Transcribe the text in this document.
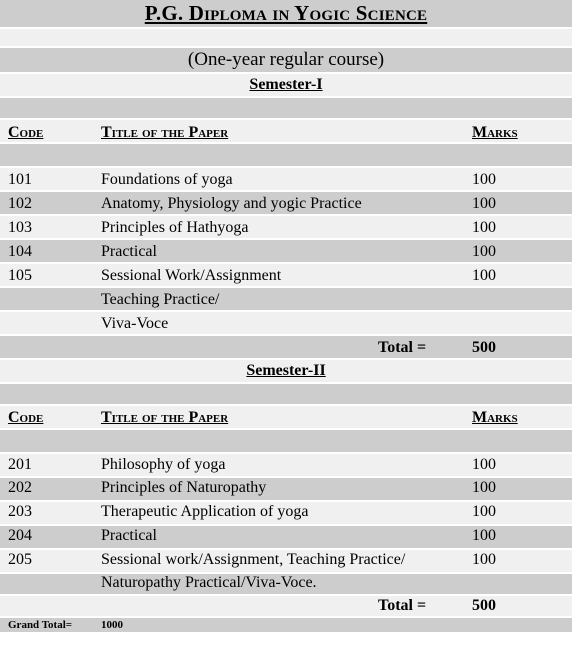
P.G. Diploma in Yogic Science
(One-year regular course)
Semester-I
Code	Title of the Paper	Marks
101	Foundations of yoga	100
102	Anatomy, Physiology and yogic Practice	100
103	Principles of Hathyoga	100
104	Practical	100
105	Sessional Work/Assignment	100
Teaching Practice/
Viva-Voce
Total =	500
Semester-II
Code	Title of the Paper	Marks
201	Philosophy of yoga	100
202	Principles of Naturopathy	100
203	Therapeutic Application of yoga	100
204	Practical	100
205	Sessional work/Assignment, Teaching Practice/	100
Naturopathy Practical/Viva-Voce.
Total =	500
Grand Total=	1000
